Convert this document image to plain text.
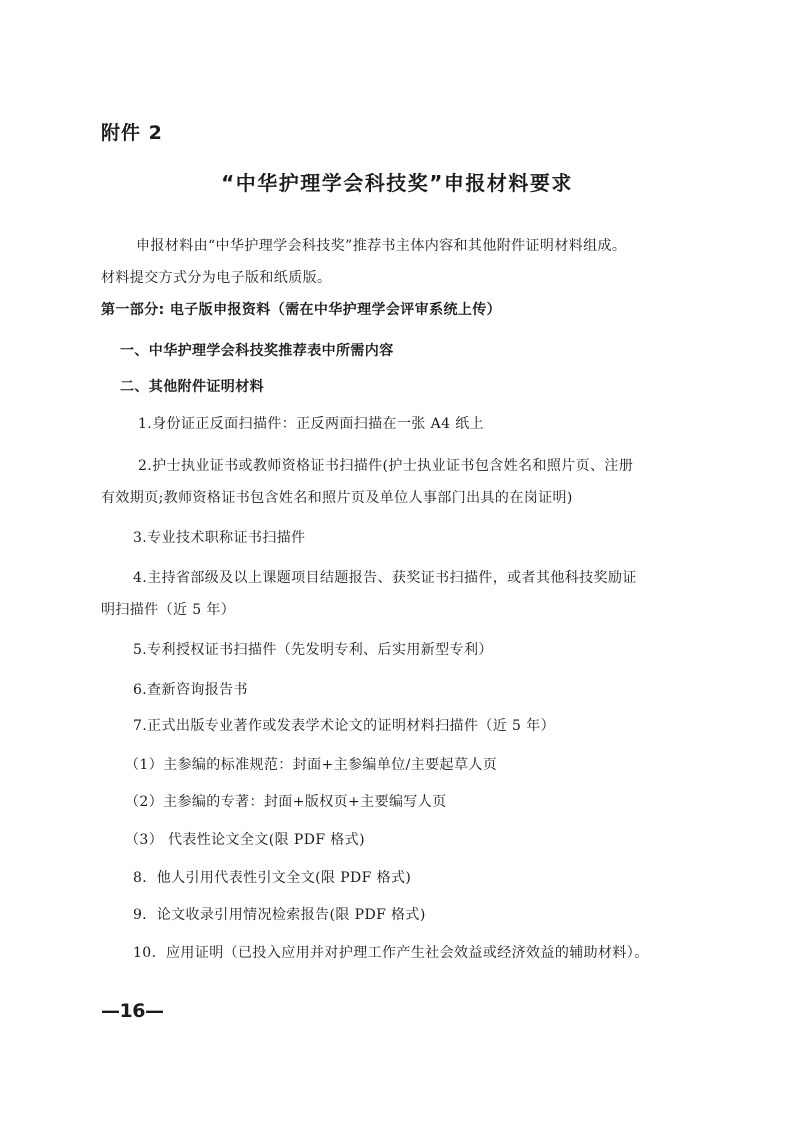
附件 2
“中华护理学会科技奖”申报材料要求
申报材料由“中华护理学会科技奖”推荐书主体内容和其他附件证明材料组成。
材料提交方式分为电子版和纸质版。
第一部分: 电子版申报资料（需在中华护理学会评审系统上传）
一、中华护理学会科技奖推荐表中所需内容
二、其他附件证明材料
1.身份证正反面扫描件：正反两面扫描在一张 A4 纸上
2.护士执业证书或教师资格证书扫描件(护士执业证书包含姓名和照片页、注册
有效期页;教师资格证书包含姓名和照片页及单位人事部门出具的在岗证明)
3.专业技术职称证书扫描件
4.主持省部级及以上课题项目结题报告、获奖证书扫描件，或者其他科技奖励证
明扫描件（近 5 年）
5.专利授权证书扫描件（先发明专利、后实用新型专利）
6.查新咨询报告书
7.正式出版专业著作或发表学术论文的证明材料扫描件（近 5 年）
（1）主参编的标准规范：封面+主参编单位/主要起草人页
（2）主参编的专著：封面+版权页+主要编写人页
（3） 代表性论文全文(限 PDF 格式)
8．他人引用代表性引文全文(限 PDF 格式)
9．论文收录引用情况检索报告(限 PDF 格式)
10．应用证明（已投入应用并对护理工作产生社会效益或经济效益的辅助材料）。
—16—
